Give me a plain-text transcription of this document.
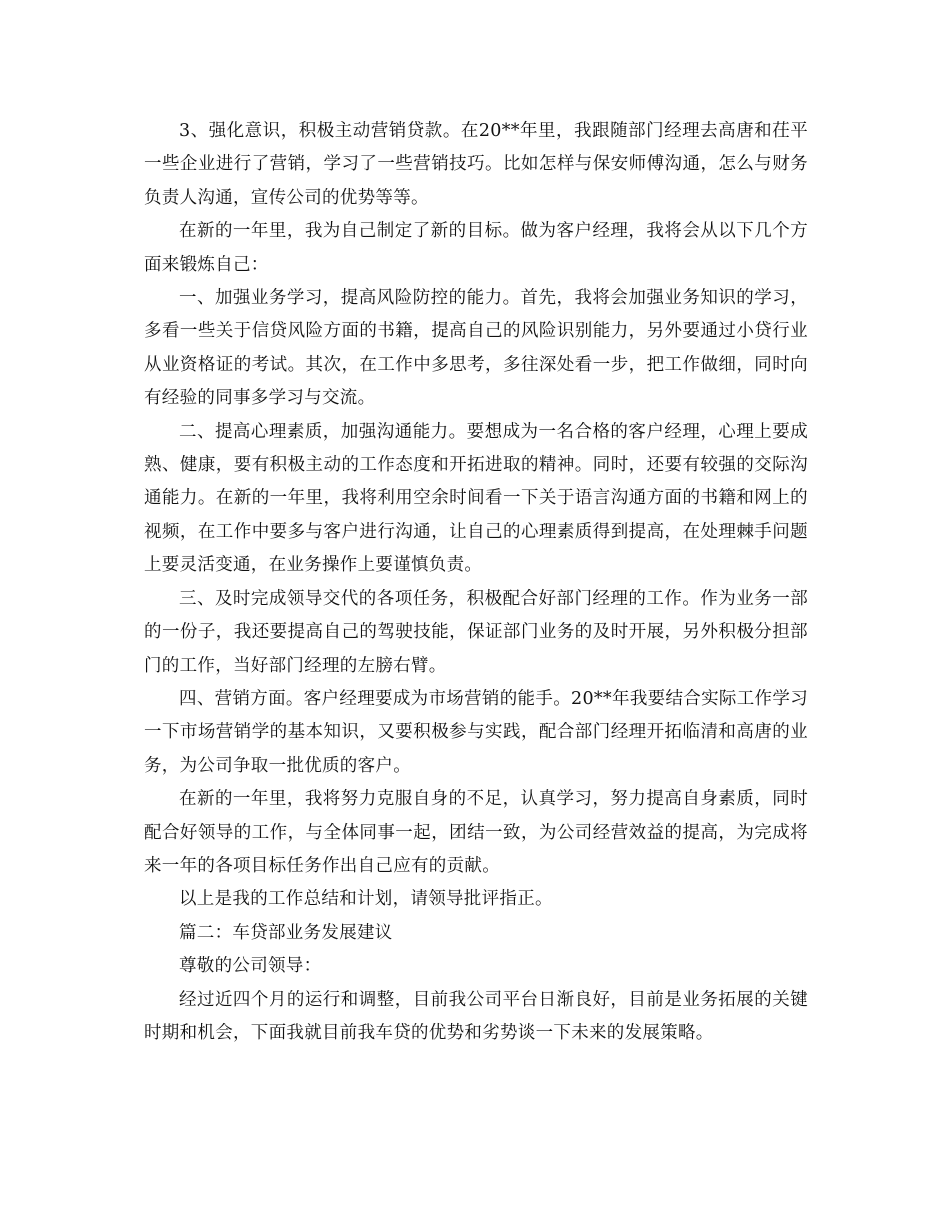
3、强化意识，积极主动营销贷款。在20**年里，我跟随部门经理去高唐和茌平一些企业进行了营销，学习了一些营销技巧。比如怎样与保安师傅沟通，怎么与财务负责人沟通，宣传公司的优势等等。

在新的一年里，我为自己制定了新的目标。做为客户经理，我将会从以下几个方面来锻炼自己：

一、加强业务学习，提高风险防控的能力。首先，我将会加强业务知识的学习，多看一些关于信贷风险方面的书籍，提高自己的风险识别能力，另外要通过小贷行业从业资格证的考试。其次，在工作中多思考，多往深处看一步，把工作做细，同时向有经验的同事多学习与交流。

二、提高心理素质，加强沟通能力。要想成为一名合格的客户经理，心理上要成熟、健康，要有积极主动的工作态度和开拓进取的精神。同时，还要有较强的交际沟通能力。在新的一年里，我将利用空余时间看一下关于语言沟通方面的书籍和网上的视频，在工作中要多与客户进行沟通，让自己的心理素质得到提高，在处理棘手问题上要灵活变通，在业务操作上要谨慎负责。

三、及时完成领导交代的各项任务，积极配合好部门经理的工作。作为业务一部的一份子，我还要提高自己的驾驶技能，保证部门业务的及时开展，另外积极分担部门的工作，当好部门经理的左膀右臂。

四、营销方面。客户经理要成为市场营销的能手。20**年我要结合实际工作学习一下市场营销学的基本知识，又要积极参与实践，配合部门经理开拓临清和高唐的业务，为公司争取一批优质的客户。

在新的一年里，我将努力克服自身的不足，认真学习，努力提高自身素质，同时配合好领导的工作，与全体同事一起，团结一致，为公司经营效益的提高，为完成将来一年的各项目标任务作出自己应有的贡献。

以上是我的工作总结和计划，请领导批评指正。

篇二：车贷部业务发展建议

尊敬的公司领导：

经过近四个月的运行和调整，目前我公司平台日渐良好，目前是业务拓展的关键时期和机会，下面我就目前我车贷的优势和劣势谈一下未来的发展策略。
